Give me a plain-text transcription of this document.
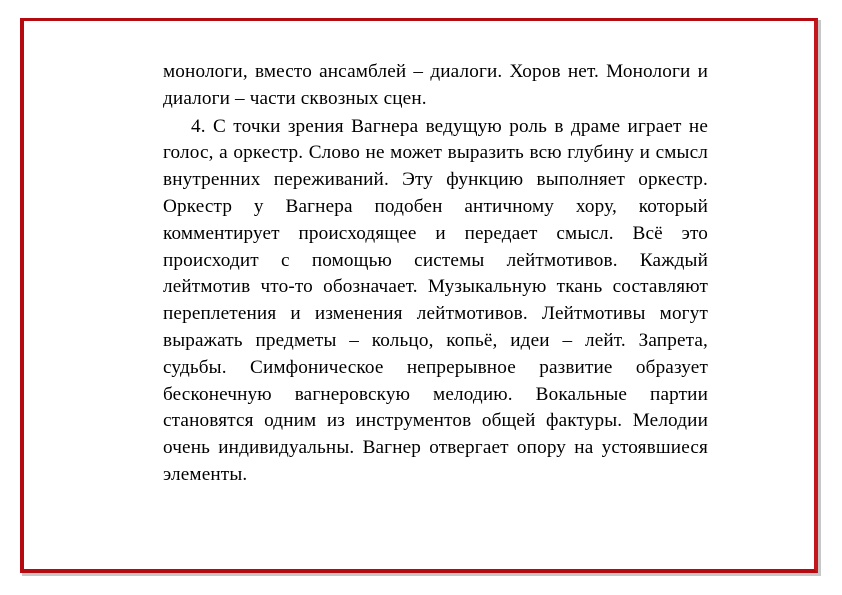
монологи, вместо ансамблей – диалоги. Хоров нет. Монологи и диалоги – части сквозных сцен.

4. С точки зрения Вагнера ведущую роль в драме играет не голос, а оркестр. Слово не может выразить всю глубину и смысл внутренних переживаний. Эту функцию выполняет оркестр. Оркестр у Вагнера подобен античному хору, который комментирует происходящее и передает смысл. Всё это происходит с помощью системы лейтмотивов. Каждый лейтмотив что-то обозначает. Музыкальную ткань составляют переплетения и изменения лейтмотивов. Лейтмотивы могут выражать предметы – кольцо, копьё, идеи – лейт. Запрета, судьбы. Симфоническое непрерывное развитие образует бесконечную вагнеровскую мелодию. Вокальные партии становятся одним из инструментов общей фактуры. Мелодии очень индивидуальны. Вагнер отвергает опору на устоявшиеся элементы.
